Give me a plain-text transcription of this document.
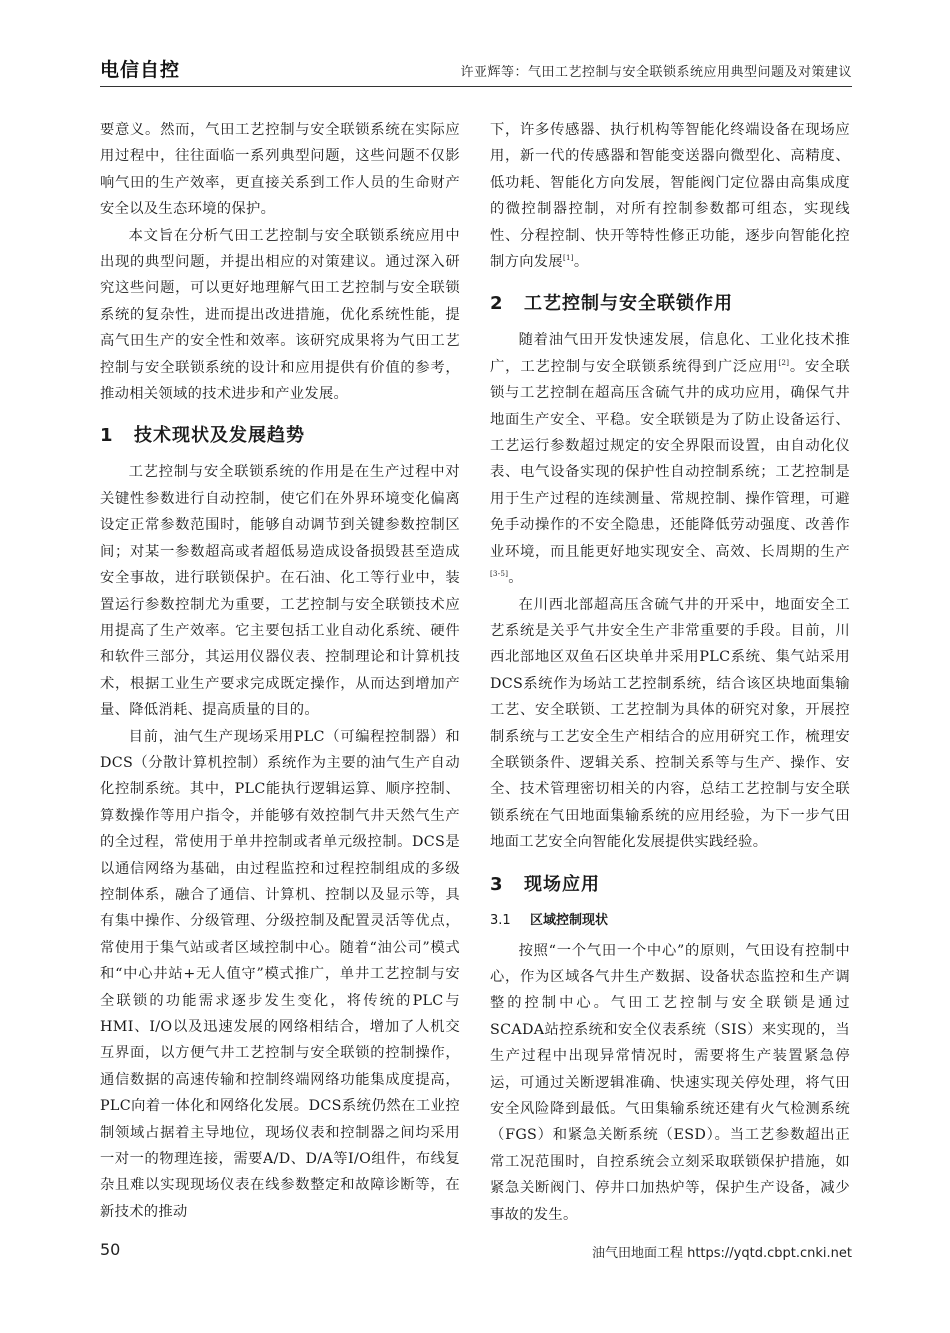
电信自控	许亚辉等：气田工艺控制与安全联锁系统应用典型问题及对策建议

要意义。然而，气田工艺控制与安全联锁系统在实际应用过程中，往往面临一系列典型问题，这些问题不仅影响气田的生产效率，更直接关系到工作人员的生命财产安全以及生态环境的保护。

本文旨在分析气田工艺控制与安全联锁系统应用中出现的典型问题，并提出相应的对策建议。通过深入研究这些问题，可以更好地理解气田工艺控制与安全联锁系统的复杂性，进而提出改进措施，优化系统性能，提高气田生产的安全性和效率。该研究成果将为气田工艺控制与安全联锁系统的设计和应用提供有价值的参考，推动相关领域的技术进步和产业发展。

1 技术现状及发展趋势

工艺控制与安全联锁系统的作用是在生产过程中对关键性参数进行自动控制，使它们在外界环境变化偏离设定正常参数范围时，能够自动调节到关键参数控制区间；对某一参数超高或者超低易造成设备损毁甚至造成安全事故，进行联锁保护。在石油、化工等行业中，装置运行参数控制尤为重要，工艺控制与安全联锁技术应用提高了生产效率。它主要包括工业自动化系统、硬件和软件三部分，其运用仪器仪表、控制理论和计算机技术，根据工业生产要求完成既定操作，从而达到增加产量、降低消耗、提高质量的目的。

目前，油气生产现场采用PLC（可编程控制器）和DCS（分散计算机控制）系统作为主要的油气生产自动化控制系统。其中，PLC能执行逻辑运算、顺序控制、算数操作等用户指令，并能够有效控制气井天然气生产的全过程，常使用于单井控制或者单元级控制。DCS是以通信网络为基础，由过程监控和过程控制组成的多级控制体系，融合了通信、计算机、控制以及显示等，具有集中操作、分级管理、分级控制及配置灵活等优点，常使用于集气站或者区域控制中心。随着“油公司”模式和“中心井站+无人值守”模式推广，单井工艺控制与安全联锁的功能需求逐步发生变化，将传统的PLC与HMI、I/O以及迅速发展的网络相结合，增加了人机交互界面，以方便气井工艺控制与安全联锁的控制操作，通信数据的高速传输和控制终端网络功能集成度提高，PLC向着一体化和网络化发展。DCS系统仍然在工业控制领域占据着主导地位，现场仪表和控制器之间均采用一对一的物理连接，需要A/D、D/A等I/O组件，布线复杂且难以实现现场仪表在线参数整定和故障诊断等，在新技术的推动

下，许多传感器、执行机构等智能化终端设备在现场应用，新一代的传感器和智能变送器向微型化、高精度、低功耗、智能化方向发展，智能阀门定位器由高集成度的微控制器控制，对所有控制参数都可组态，实现线性、分程控制、快开等特性修正功能，逐步向智能化控制方向发展[1]。

2 工艺控制与安全联锁作用

随着油气田开发快速发展，信息化、工业化技术推广，工艺控制与安全联锁系统得到广泛应用[2]。安全联锁与工艺控制在超高压含硫气井的成功应用，确保气井地面生产安全、平稳。安全联锁是为了防止设备运行、工艺运行参数超过规定的安全界限而设置，由自动化仪表、电气设备实现的保护性自动控制系统；工艺控制是用于生产过程的连续测量、常规控制、操作管理，可避免手动操作的不安全隐患，还能降低劳动强度、改善作业环境，而且能更好地实现安全、高效、长周期的生产[3-5]。

在川西北部超高压含硫气井的开采中，地面安全工艺系统是关乎气井安全生产非常重要的手段。目前，川西北部地区双鱼石区块单井采用PLC系统、集气站采用DCS系统作为场站工艺控制系统，结合该区块地面集输工艺、安全联锁、工艺控制为具体的研究对象，开展控制系统与工艺安全生产相结合的应用研究工作，梳理安全联锁条件、逻辑关系、控制关系等与生产、操作、安全、技术管理密切相关的内容，总结工艺控制与安全联锁系统在气田地面集输系统的应用经验，为下一步气田地面工艺安全向智能化发展提供实践经验。

3 现场应用
3.1 区域控制现状

按照“一个气田一个中心”的原则，气田设有控制中心，作为区域各气井生产数据、设备状态监控和生产调整的控制中心。气田工艺控制与安全联锁是通过SCADA站控系统和安全仪表系统（SIS）来实现的，当生产过程中出现异常情况时，需要将生产装置紧急停运，可通过关断逻辑准确、快速实现关停处理，将气田安全风险降到最低。气田集输系统还建有火气检测系统（FGS）和紧急关断系统（ESD）。当工艺参数超出正常工况范围时，自控系统会立刻采取联锁保护措施，如紧急关断阀门、停井口加热炉等，保护生产设备，减少事故的发生。

50	油气田地面工程 https://yqtd.cbpt.cnki.net
